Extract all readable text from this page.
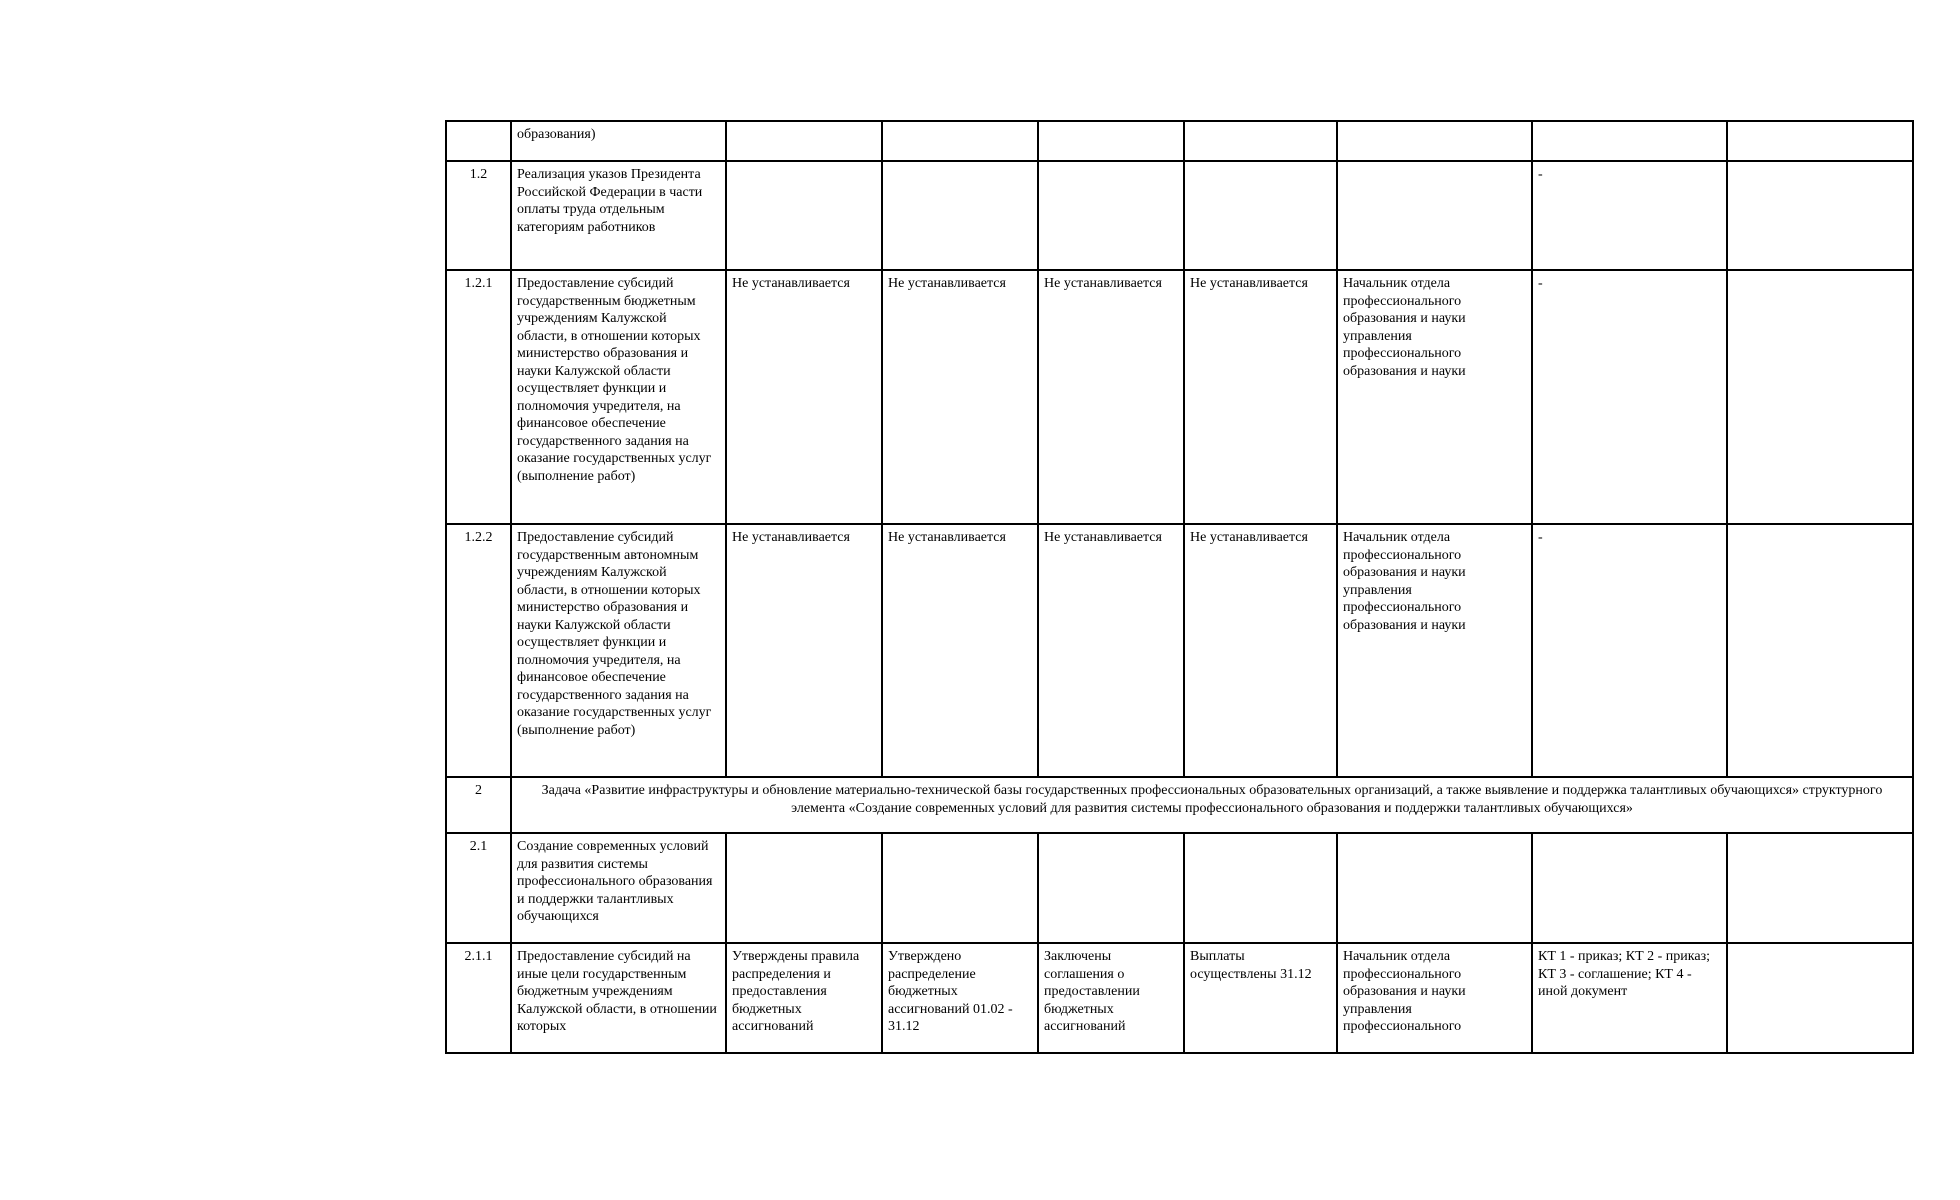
	образования)							
1.2	Реализация указов Президента Российской Федерации в части оплаты труда отдельным категориям работников						-	
1.2.1	Предоставление субсидий государственным бюджетным учреждениям Калужской области, в отношении которых министерство образования и науки Калужской области осуществляет функции и полномочия учредителя, на финансовое обеспечение государственного задания на оказание государственных услуг (выполнение работ)	Не устанавливается	Не устанавливается	Не устанавливается	Не устанавливается	Начальник отдела профессионального образования и науки управления профессионального образования и науки	-	
1.2.2	Предоставление субсидий государственным автономным учреждениям Калужской области, в отношении которых министерство образования и науки Калужской области осуществляет функции и полномочия учредителя, на финансовое обеспечение государственного задания на оказание государственных услуг (выполнение работ)	Не устанавливается	Не устанавливается	Не устанавливается	Не устанавливается	Начальник отдела профессионального образования и науки управления профессионального образования и науки	-	
2	Задача «Развитие инфраструктуры и обновление материально-технической базы государственных профессиональных образовательных организаций, а также выявление и поддержка талантливых обучающихся» структурного элемента «Создание современных условий для развития системы профессионального образования и поддержки талантливых обучающихся»							
2.1	Создание современных условий для развития системы профессионального образования и поддержки талантливых обучающихся							
2.1.1	Предоставление субсидий на иные цели государственным бюджетным учреждениям Калужской области, в отношении которых	Утверждены правила распределения и предоставления бюджетных ассигнований	Утверждено распределение бюджетных ассигнований 01.02 - 31.12	Заключены соглашения о предоставлении бюджетных ассигнований	Выплаты осуществлены 31.12	Начальник отдела профессионального образования и науки управления профессионального	КТ 1 - приказ; КТ 2 - приказ; КТ 3 - соглашение; КТ 4 - иной документ	
